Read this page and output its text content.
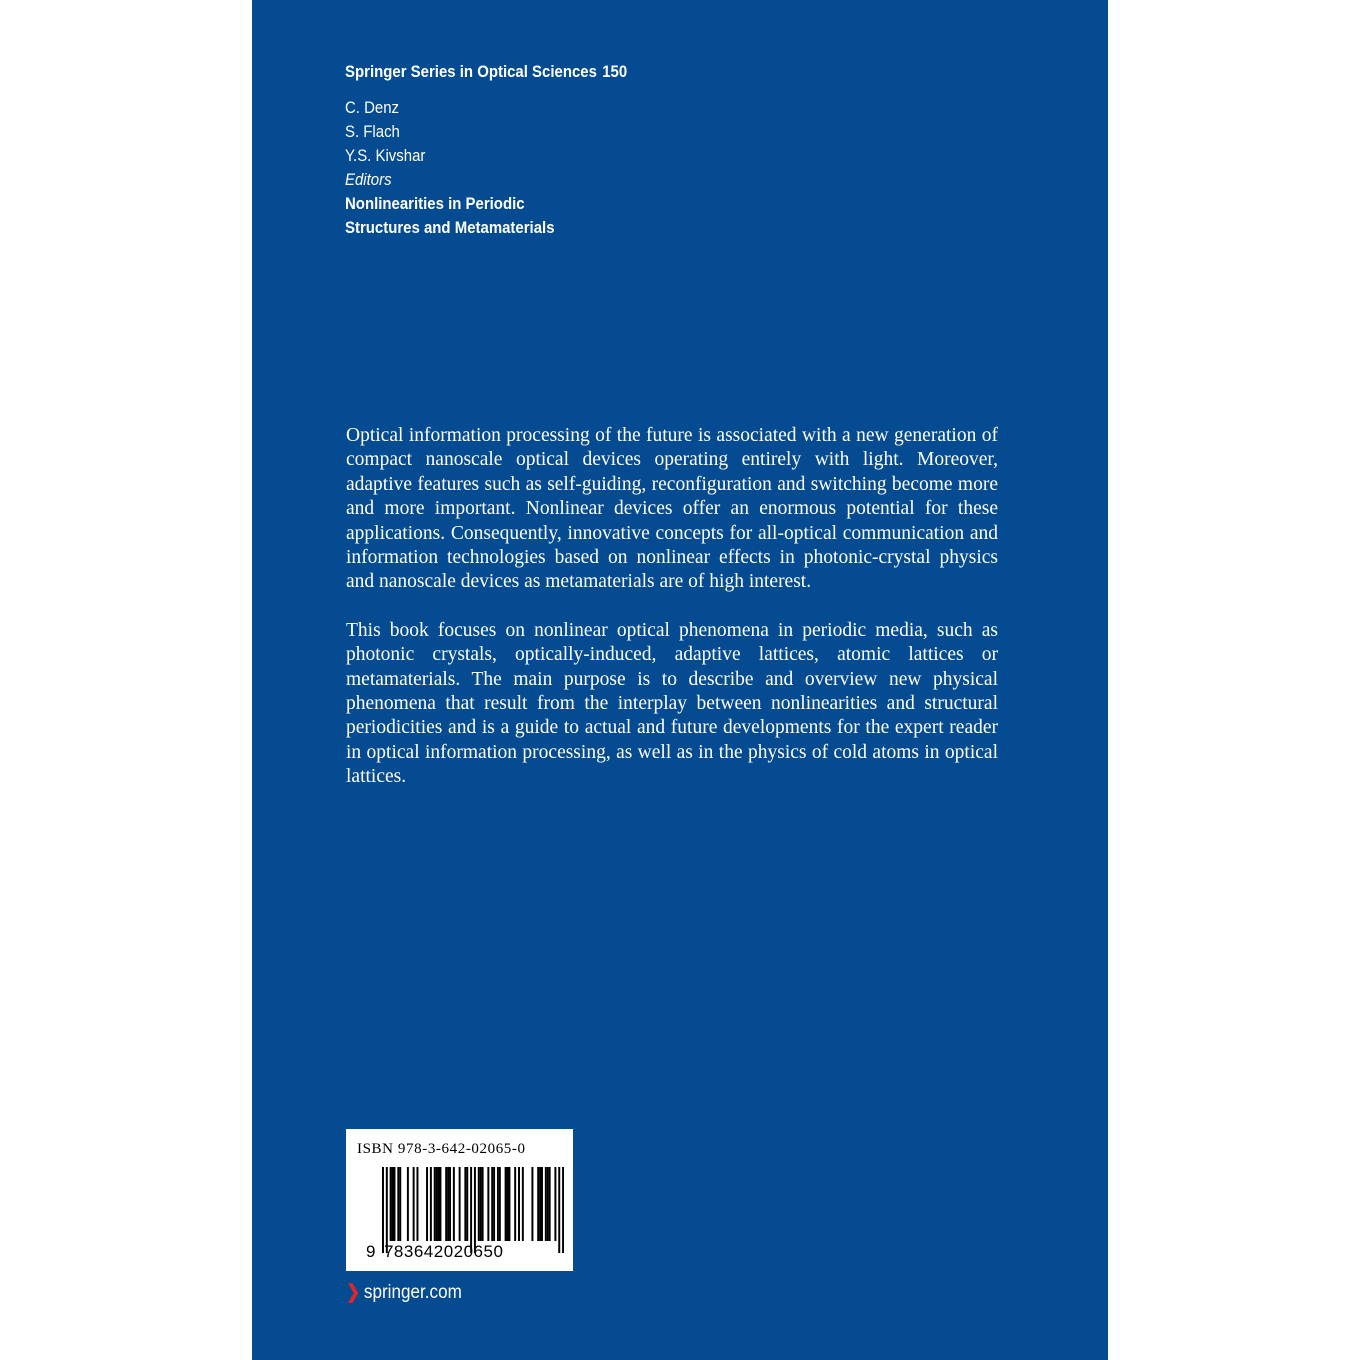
Springer Series in Optical Sciences 150
C. Denz
S. Flach
Y.S. Kivshar
Editors
Nonlinearities in Periodic
Structures and Metamaterials

Optical information processing of the future is associated with a new generation of compact nanoscale optical devices operating entirely with light. Moreover, adaptive features such as self-guiding, reconfiguration and switching become more and more important. Nonlinear devices offer an enormous potential for these applications. Consequently, innovative concepts for all-optical communication and information technologies based on nonlinear effects in photonic-crystal physics and nanoscale devices as metamaterials are of high interest.

This book focuses on nonlinear optical phenomena in periodic media, such as photonic crystals, optically-induced, adaptive lattices, atomic lattices or metamaterials. The main purpose is to describe and overview new physical phenomena that result from the interplay between nonlinearities and structural periodicities and is a guide to actual and future developments for the expert reader in optical information processing, as well as in the physics of cold atoms in optical lattices.

ISBN 978-3-642-02065-0
9 783642020650
❯ springer.com
